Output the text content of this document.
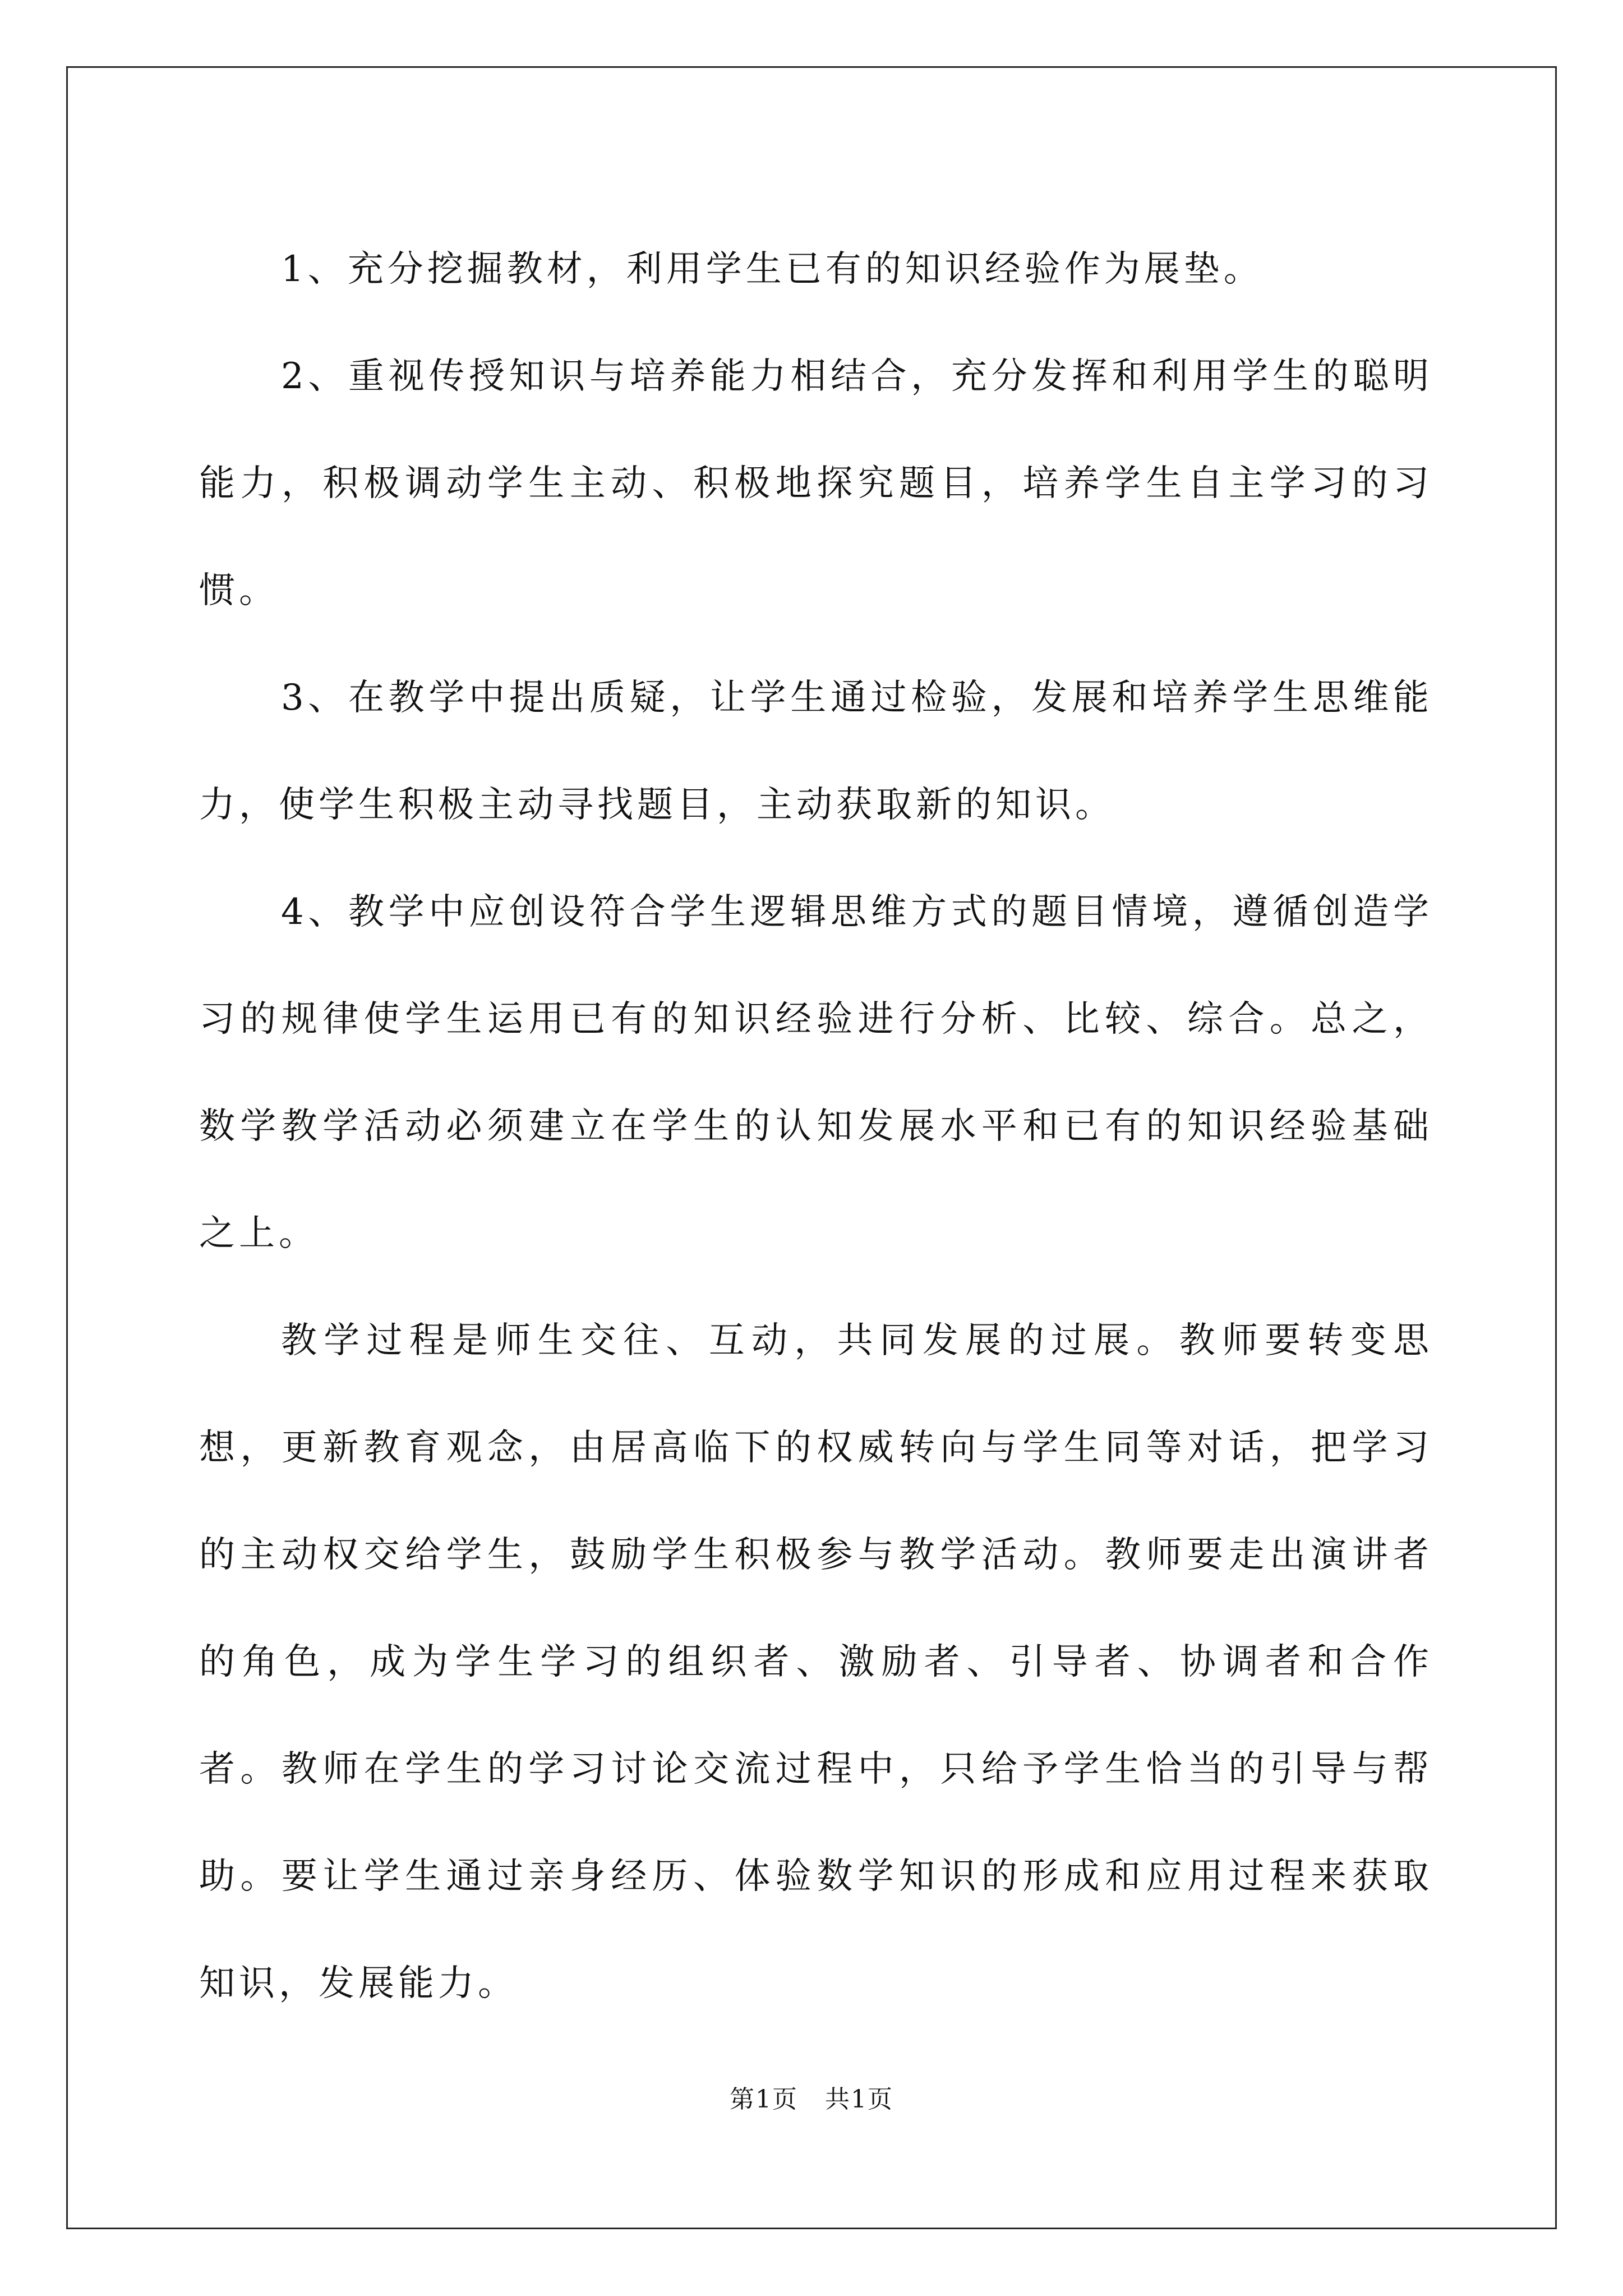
1、充分挖掘教材，利用学生已有的知识经验作为展垫。

2、重视传授知识与培养能力相结合，充分发挥和利用学生的聪明能力，积极调动学生主动、积极地探究题目，培养学生自主学习的习惯。

3、在教学中提出质疑，让学生通过检验，发展和培养学生思维能力，使学生积极主动寻找题目，主动获取新的知识。

4、教学中应创设符合学生逻辑思维方式的题目情境，遵循创造学习的规律使学生运用已有的知识经验进行分析、比较、综合。总之，数学教学活动必须建立在学生的认知发展水平和已有的知识经验基础之上。

教学过程是师生交往、互动，共同发展的过展。教师要转变思想，更新教育观念，由居高临下的权威转向与学生同等对话，把学习的主动权交给学生，鼓励学生积极参与教学活动。教师要走出演讲者的角色，成为学生学习的组织者、激励者、引导者、协调者和合作者。教师在学生的学习讨论交流过程中，只给予学生恰当的引导与帮助。要让学生通过亲身经历、体验数学知识的形成和应用过程来获取知识，发展能力。

第1页   共1页
